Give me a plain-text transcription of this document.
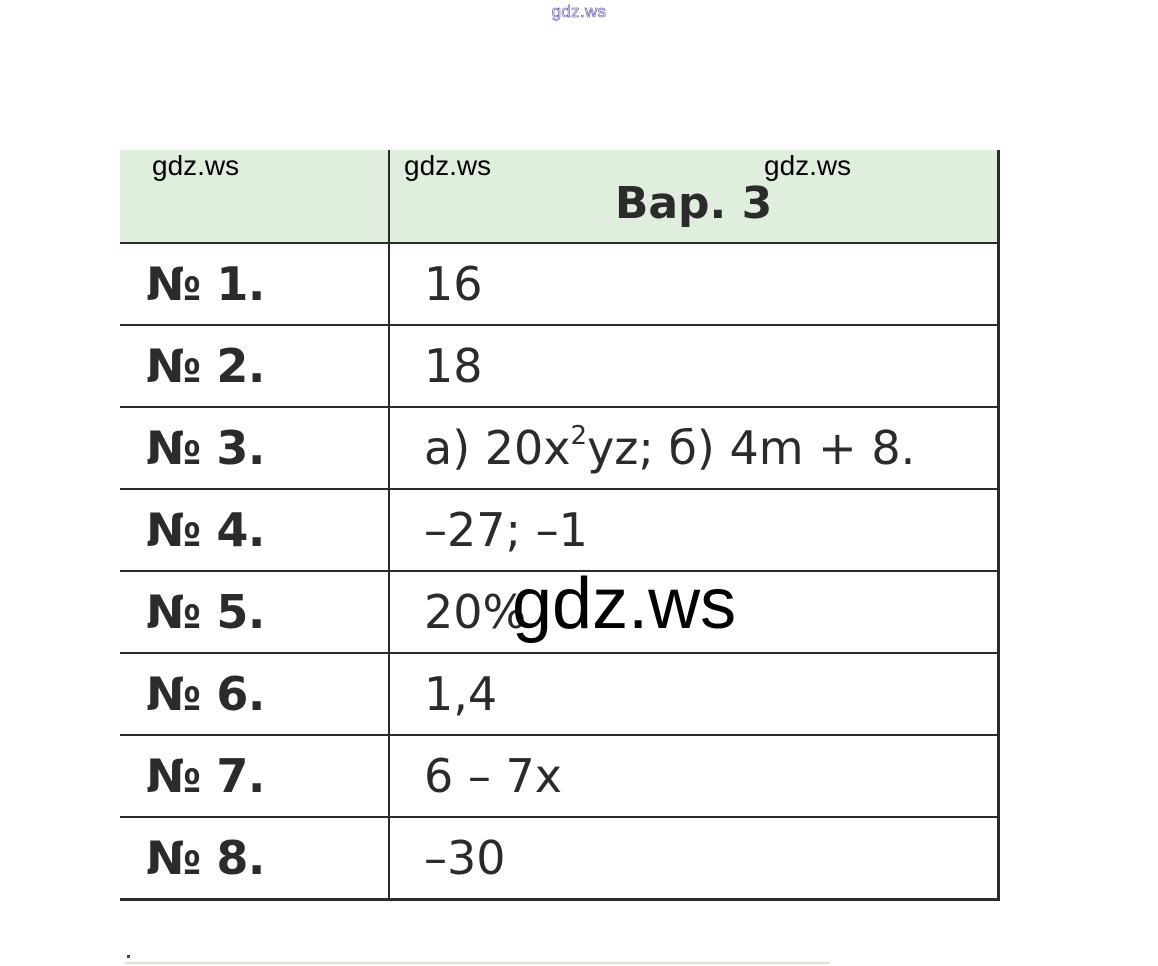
gdz.ws
	Вар. 3
№ 1.	16
№ 2.	18
№ 3.	а) $20x^2yz$; б) 4m + 8.
№ 4.	–27; –1
№ 5.	20%
№ 6.	1,4
№ 7.	6 – 7x
№ 8.	–30
gdz.ws	gdz.ws	gdz.ws
gdz.ws
